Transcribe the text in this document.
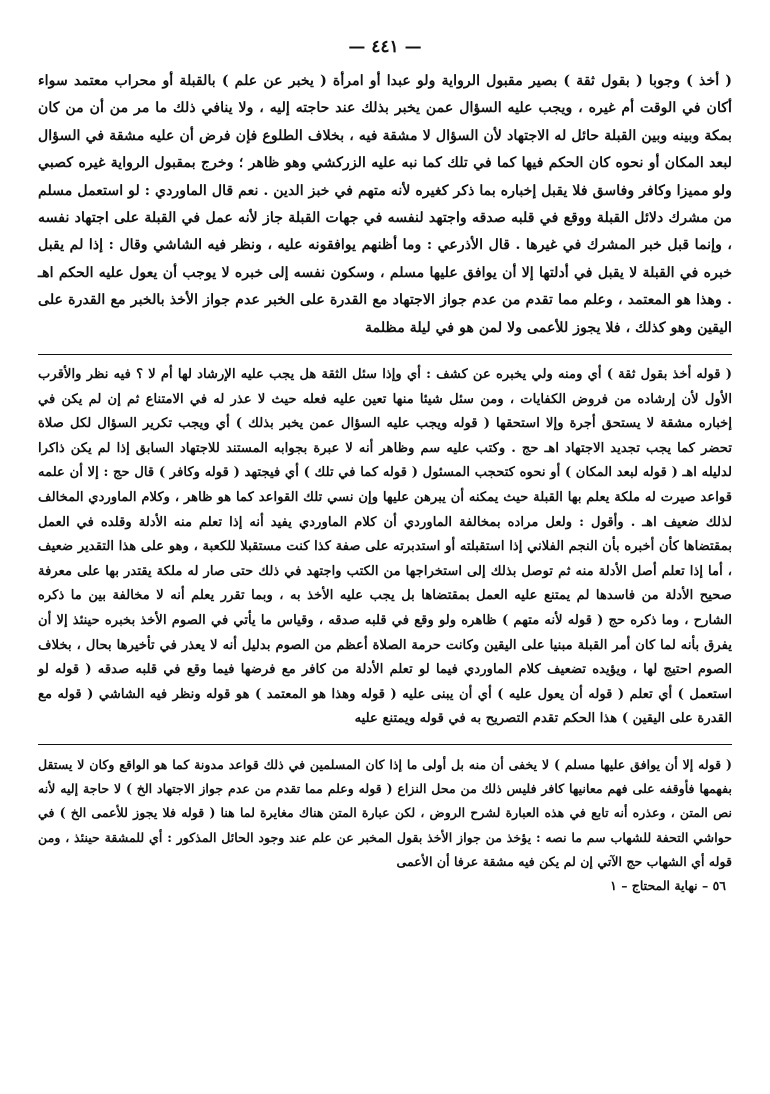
— ٤٤١ —

( أخذ ) وجوبا ( بقول ثقة ) بصير مقبول الرواية ولو عبدا أو امرأة ( يخبر عن علم ) بالقبلة أو محراب معتمد سواء أكان في الوقت أم غيره ، ويجب عليه السؤال عمن يخبر بذلك عند حاجته إليه ، ولا ينافي ذلك ما مر من أن من كان بمكة وبينه وبين القبلة حائل له الاجتهاد لأن السؤال لا مشقة فيه ، بخلاف الطلوع فإن فرض أن عليه مشقة في السؤال لبعد المكان أو نحوه كان الحكم فيها كما في تلك كما نبه عليه الزركشي وهو ظاهر ؛ وخرج بمقبول الرواية غيره كصبي ولو مميزا وكافر وفاسق فلا يقبل إخباره بما ذكر كغيره لأنه متهم في خبز الدين . نعم قال الماوردي : لو استعمل مسلم من مشرك دلائل القبلة ووقع في قلبه صدقه واجتهد لنفسه في جهات القبلة جاز لأنه عمل في القبلة على اجتهاد نفسه ، وإنما قبل خبر المشرك في غيرها . قال الأذرعي : وما أظنهم يوافقونه عليه ، ونظر فيه الشاشي وقال : إذا لم يقبل خبره في القبلة لا يقبل في أدلتها إلا أن يوافق عليها مسلم ، وسكون نفسه إلى خبره لا يوجب أن يعول عليه الحكم اهـ . وهذا هو المعتمد ، وعلم مما تقدم من عدم جواز الاجتهاد مع القدرة على الخبر عدم جواز الأخذ بالخبر مع القدرة على اليقين وهو كذلك ، فلا يجوز للأعمى ولا لمن هو في ليلة مظلمة

( قوله أخذ بقول ثقة ) أي ومنه ولي يخبره عن كشف : أي وإذا سئل الثقة هل يجب عليه الإرشاد لها أم لا ؟ فيه نظر والأقرب الأول لأن إرشاده من فروض الكفايات ، ومن سئل شيئا منها تعين عليه فعله حيث لا عذر له في الامتناع ثم إن لم يكن في إخباره مشقة لا يستحق أجرة وإلا استحقها ( قوله ويجب عليه السؤال عمن يخبر بذلك ) أي ويجب تكرير السؤال لكل صلاة تحضر كما يجب تجديد الاجتهاد اهـ حج . وكتب عليه سم وظاهر أنه لا عبرة بجوابه المستند للاجتهاد السابق إذا لم يكن ذاكرا لدليله اهـ ( قوله لبعد المكان ) أو نحوه كتحجب المسئول ( قوله كما في تلك ) أي فيجتهد ( قوله وكافر ) قال حج : إلا أن علمه قواعد صيرت له ملكة يعلم بها القبلة حيث يمكنه أن يبرهن عليها وإن نسي تلك القواعد كما هو ظاهر ، وكلام الماوردي المخالف لذلك ضعيف اهـ . وأقول : ولعل مراده بمخالفة الماوردي أن كلام الماوردي يفيد أنه إذا تعلم منه الأدلة وقلده في العمل بمقتضاها كأن أخبره بأن النجم الفلاني إذا استقبلته أو استدبرته على صفة كذا كنت مستقبلا للكعبة ، وهو على هذا التقدير ضعيف ، أما إذا تعلم أصل الأدلة منه ثم توصل بذلك إلى استخراجها من الكتب واجتهد في ذلك حتى صار له ملكة يقتدر بها على معرفة صحيح الأدلة من فاسدها لم يمتنع عليه العمل بمقتضاها بل يجب عليه الأخذ به ، وبما تقرر يعلم أنه لا مخالفة بين ما ذكره الشارح ، وما ذكره حج ( قوله لأنه متهم ) ظاهره ولو وقع في قلبه صدقه ، وقياس ما يأتي في الصوم الأخذ بخبره حينئذ إلا أن يفرق بأنه لما كان أمر القبلة مبنيا على اليقين وكانت حرمة الصلاة أعظم من الصوم بدليل أنه لا يعذر في تأخيرها بحال ، بخلاف الصوم احتيج لها ، ويؤيده تضعيف كلام الماوردي فيما لو تعلم الأدلة من كافر مع فرضها فيما وقع في قلبه صدقه ( قوله لو استعمل ) أي تعلم ( قوله أن يعول عليه ) أي أن يبنى عليه ( قوله وهذا هو المعتمد ) هو قوله ونظر فيه الشاشي ( قوله مع القدرة على اليقين ) هذا الحكم تقدم التصريح به في قوله ويمتنع عليه

( قوله إلا أن يوافق عليها مسلم ) لا يخفى أن منه بل أولى ما إذا كان المسلمين في ذلك قواعد مدونة كما هو الواقع وكان لا يستقل بفهمها فأوقفه على فهم معانيها كافر فليس ذلك من محل النزاع ( قوله وعلم مما تقدم من عدم جواز الاجتهاد الخ ) لا حاجة إليه لأنه نص المتن ، وعذره أنه تابع في هذه العبارة لشرح الروض ، لكن عبارة المتن هناك مغايرة لما هنا ( قوله فلا يجوز للأعمى الخ ) في حواشي التحفة للشهاب سم ما نصه : يؤخذ من جواز الأخذ بقول المخبر عن علم عند وجود الحائل المذكور : أي للمشقة حينئذ ، ومن قوله أي الشهاب حج الآتي إن لم يكن فيه مشقة عرفا أن الأعمى

٥٦ – نهاية المحتاج – ١
